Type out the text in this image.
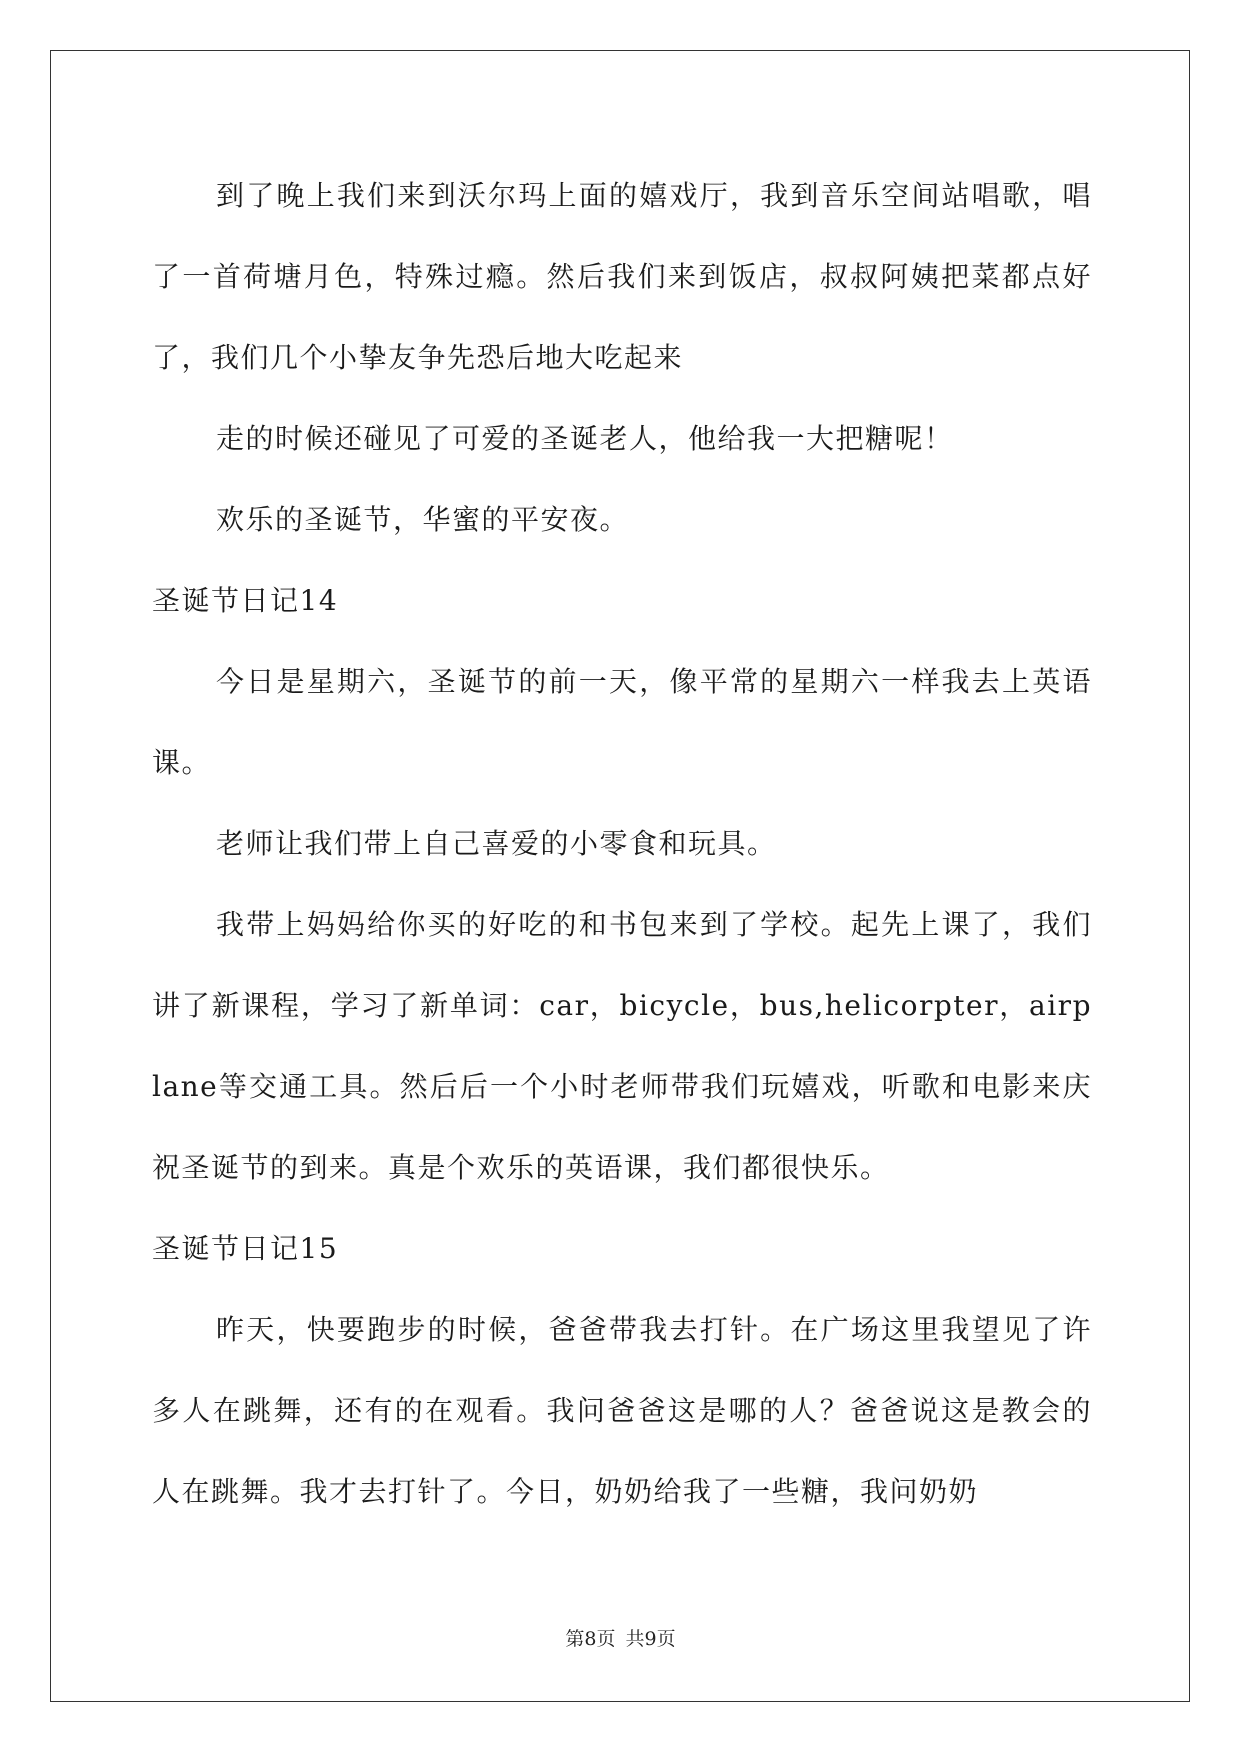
到了晚上我们来到沃尔玛上面的嬉戏厅，我到音乐空间站唱歌，唱了一首荷塘月色，特殊过瘾。然后我们来到饭店，叔叔阿姨把菜都点好了，我们几个小挚友争先恐后地大吃起来

走的时候还碰见了可爱的圣诞老人，他给我一大把糖呢！

欢乐的圣诞节，华蜜的平安夜。

圣诞节日记14

今日是星期六，圣诞节的前一天，像平常的星期六一样我去上英语课。

老师让我们带上自己喜爱的小零食和玩具。

我带上妈妈给你买的好吃的和书包来到了学校。起先上课了，我们讲了新课程，学习了新单词：car，bicycle，bus,helicorpter，airplane等交通工具。然后后一个小时老师带我们玩嬉戏，听歌和电影来庆祝圣诞节的到来。真是个欢乐的英语课，我们都很快乐。

圣诞节日记15

昨天，快要跑步的时候，爸爸带我去打针。在广场这里我望见了许多人在跳舞，还有的在观看。我问爸爸这是哪的人？爸爸说这是教会的人在跳舞。我才去打针了。今日，奶奶给我了一些糖，我问奶奶

第8页 共9页
